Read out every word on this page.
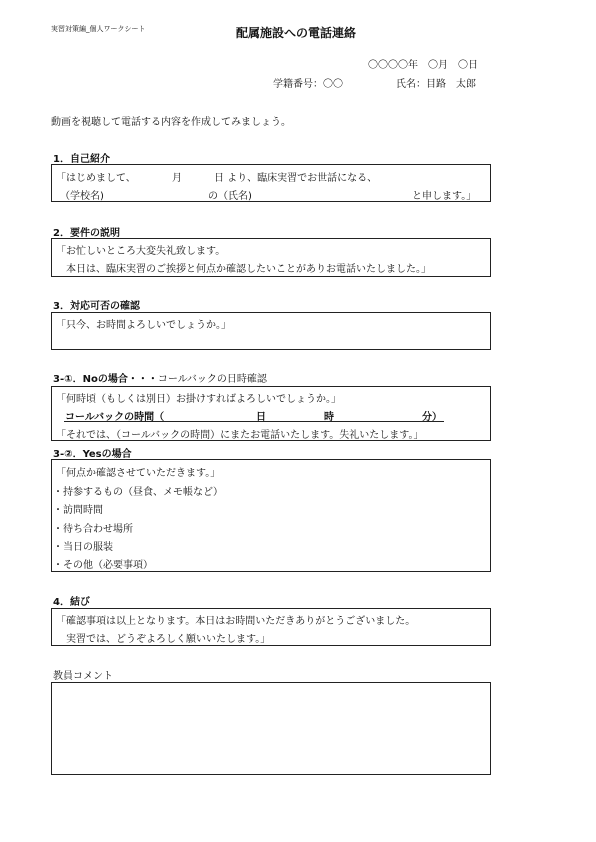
実習対策編_個人ワークシート	配属施設への電話連絡
〇〇〇〇年　〇月　〇日
学籍番号：〇〇	氏名：目路　太郎
動画を視聴して電話する内容を作成してみましょう。
1．自己紹介
「はじめまして、	月	日 より、臨床実習でお世話になる、
（学校名)	の（氏名)	と申します。」
2．要件の説明
「お忙しいところ大変失礼致します。
　本日は、臨床実習のご挨拶と何点か確認したいことがありお電話いたしました。」
3．対応可否の確認
「只今、お時間よろしいでしょうか。」
3-①．Noの場合・・・コールバックの日時確認
「何時頃（もしくは別日）お掛けすればよろしいでしょうか。」
コールバックの時間（	日	時	分）
「それでは、（コールバックの時間）にまたお電話いたします。失礼いたします。」
3-②．Yesの場合
「何点か確認させていただきます。」
・持参するもの（昼食、メモ帳など）
・訪問時間
・待ち合わせ場所
・当日の服装
・その他（必要事項）
4．結び
「確認事項は以上となります。本日はお時間いただきありがとうございました。
　実習では、どうぞよろしく願いいたします。」
教員コメント
